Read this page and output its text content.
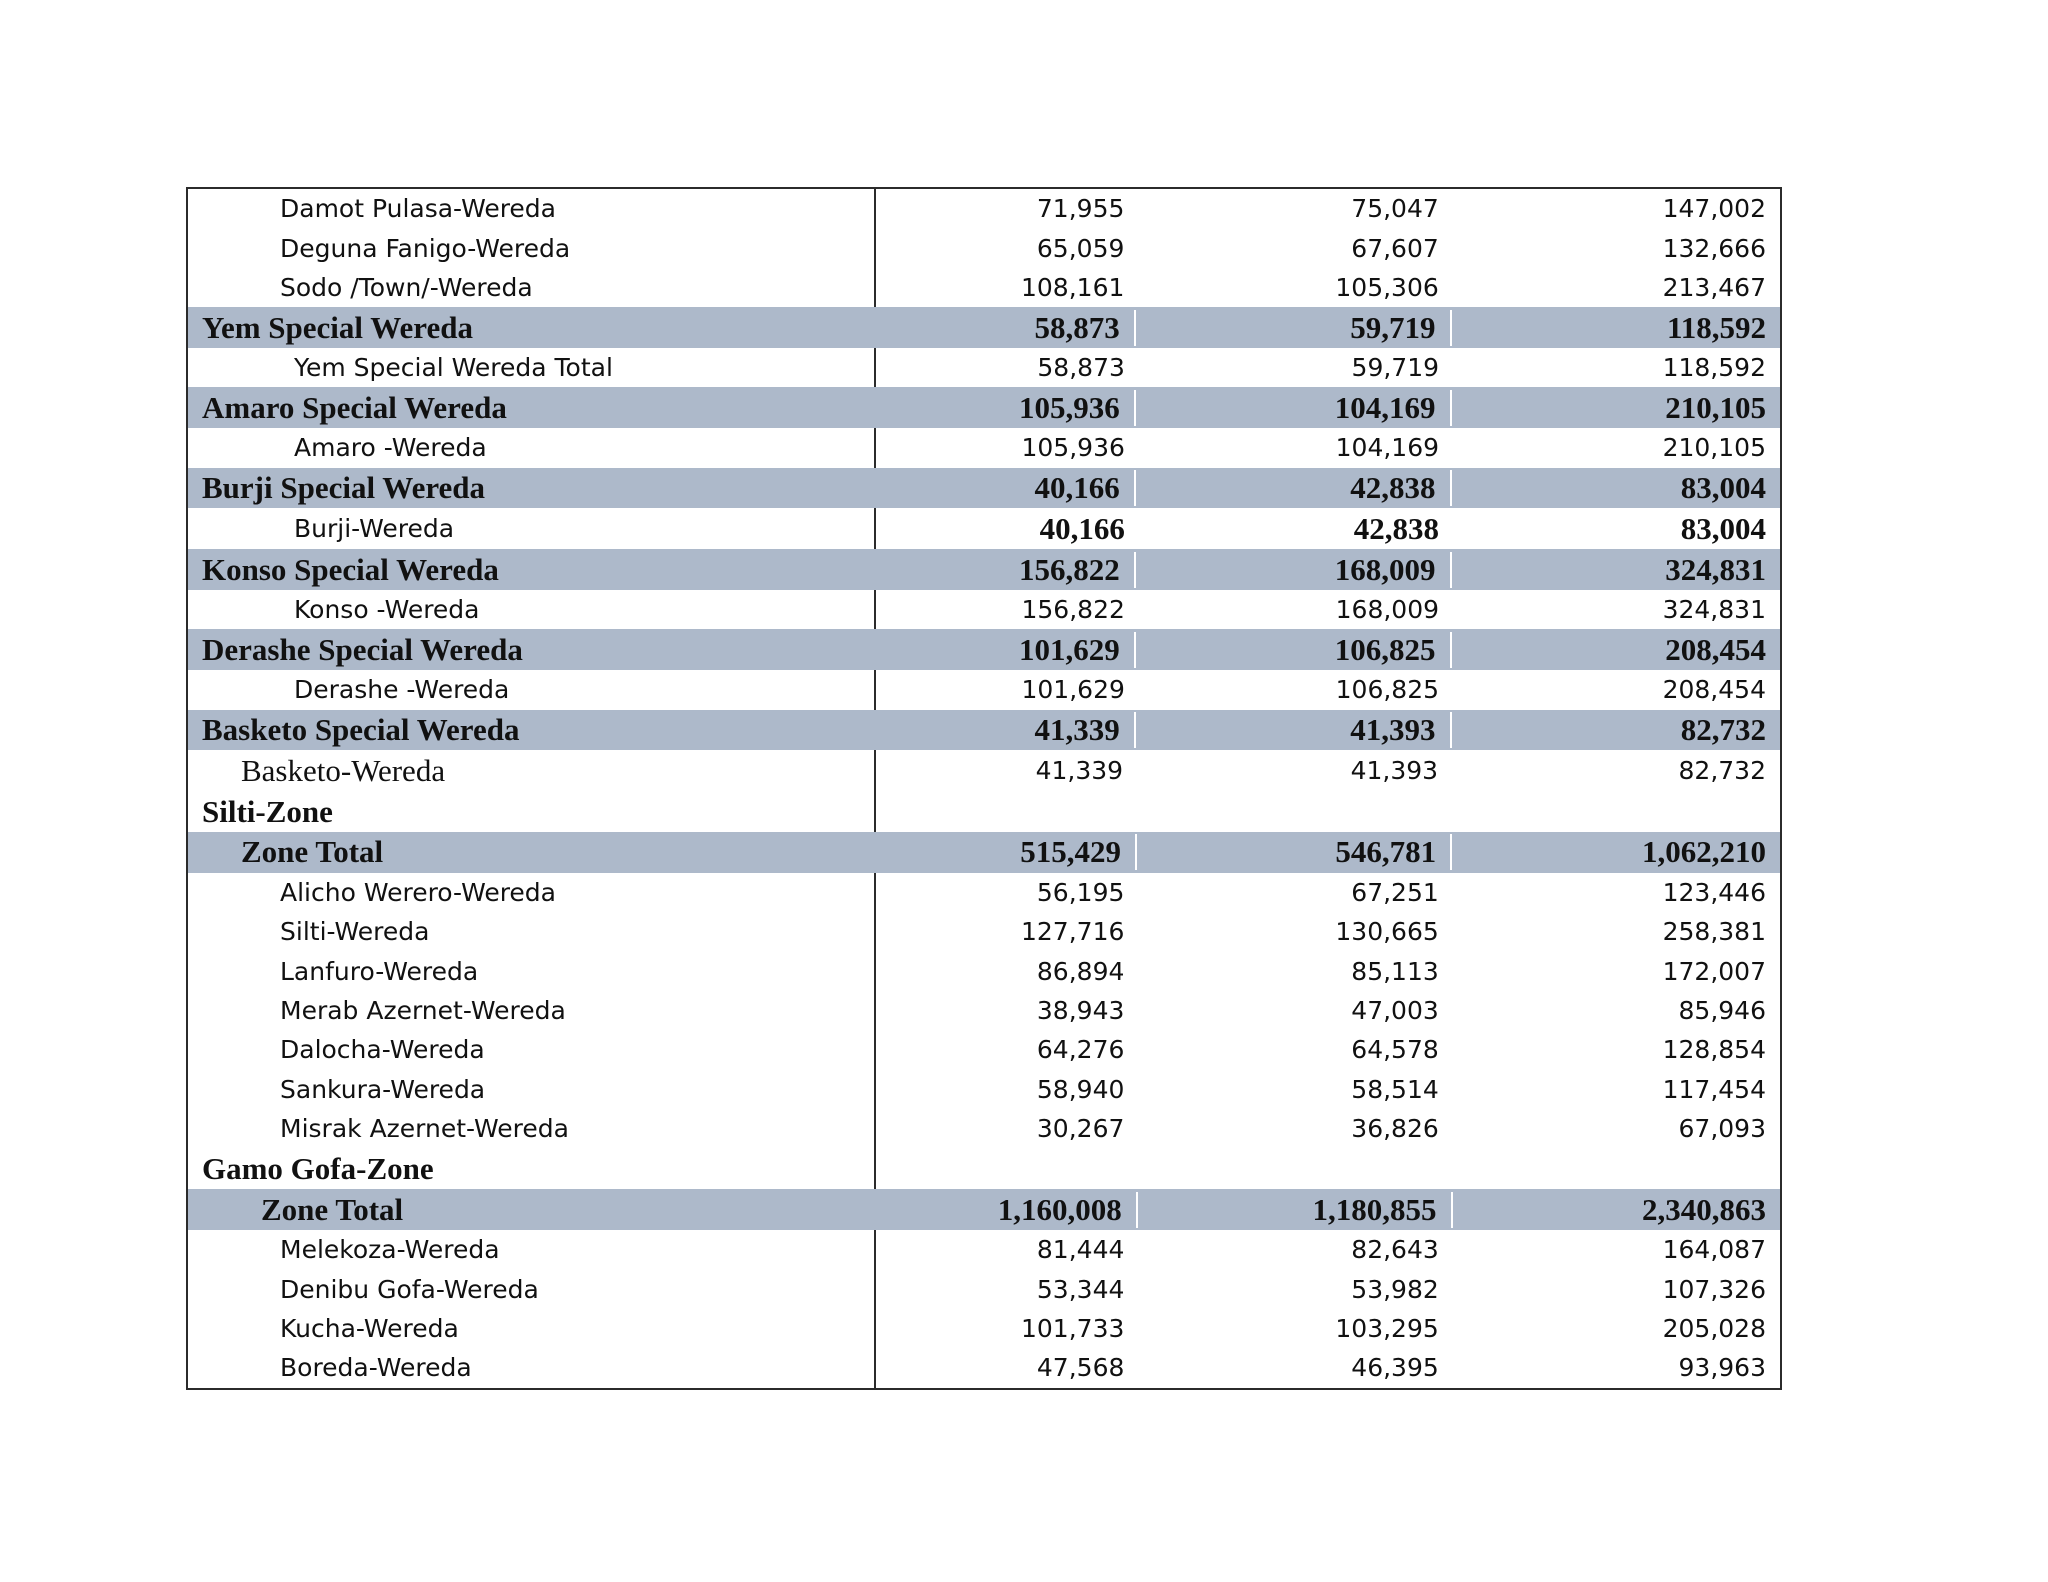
Damot Pulasa-Wereda	71,955	75,047	147,002
Deguna Fanigo-Wereda	65,059	67,607	132,666
Sodo /Town/-Wereda	108,161	105,306	213,467
Yem Special Wereda	58,873	59,719	118,592
Yem Special Wereda Total	58,873	59,719	118,592
Amaro Special Wereda	105,936	104,169	210,105
Amaro -Wereda	105,936	104,169	210,105
Burji Special Wereda	40,166	42,838	83,004
Burji-Wereda	40,166	42,838	83,004
Konso Special Wereda	156,822	168,009	324,831
Konso -Wereda	156,822	168,009	324,831
Derashe Special Wereda	101,629	106,825	208,454
Derashe -Wereda	101,629	106,825	208,454
Basketo Special Wereda	41,339	41,393	82,732
Basketo-Wereda	41,339	41,393	82,732
Silti-Zone
Zone Total	515,429	546,781	1,062,210
Alicho Werero-Wereda	56,195	67,251	123,446
Silti-Wereda	127,716	130,665	258,381
Lanfuro-Wereda	86,894	85,113	172,007
Merab Azernet-Wereda	38,943	47,003	85,946
Dalocha-Wereda	64,276	64,578	128,854
Sankura-Wereda	58,940	58,514	117,454
Misrak Azernet-Wereda	30,267	36,826	67,093
Gamo Gofa-Zone
Zone Total	1,160,008	1,180,855	2,340,863
Melekoza-Wereda	81,444	82,643	164,087
Denibu Gofa-Wereda	53,344	53,982	107,326
Kucha-Wereda	101,733	103,295	205,028
Boreda-Wereda	47,568	46,395	93,963
